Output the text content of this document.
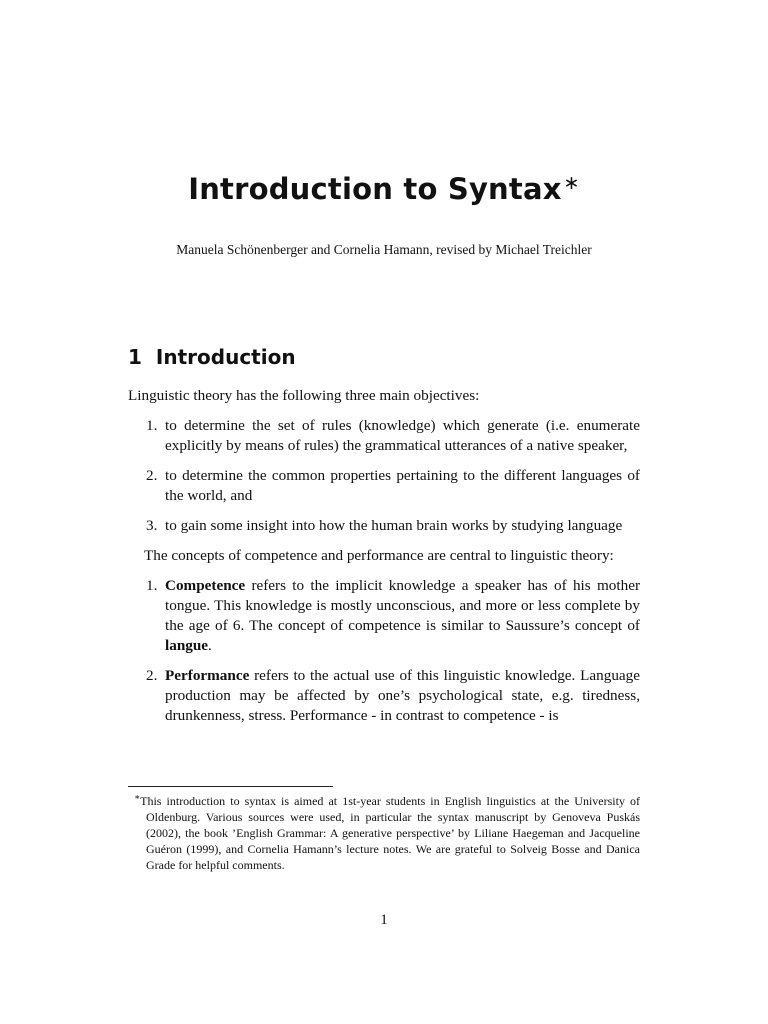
Introduction to Syntax ∗

Manuela Schönenberger and Cornelia Hamann, revised by Michael Treichler

1 Introduction

Linguistic theory has the following three main objectives:

1. to determine the set of rules (knowledge) which generate (i.e. enumerate explicitly by means of rules) the grammatical utterances of a native speaker,
2. to determine the common properties pertaining to the different languages of the world, and
3. to gain some insight into how the human brain works by studying language

The concepts of competence and performance are central to linguistic theory:

1. Competence refers to the implicit knowledge a speaker has of his mother tongue. This knowledge is mostly unconscious, and more or less complete by the age of 6. The concept of competence is similar to Saussure’s concept of langue.
2. Performance refers to the actual use of this linguistic knowledge. Language production may be affected by one’s psychological state, e.g. tiredness, drunkenness, stress. Performance - in contrast to competence - is
∗This introduction to syntax is aimed at 1st-year students in English linguistics at the University of Oldenburg. Various sources were used, in particular the syntax manuscript by Genoveva Puskás (2002), the book ’English Grammar: A generative perspective’ by Liliane Haegeman and Jacqueline Guéron (1999), and Cornelia Hamann’s lecture notes. We are grateful to Solveig Bosse and Danica Grade for helpful comments.
1
